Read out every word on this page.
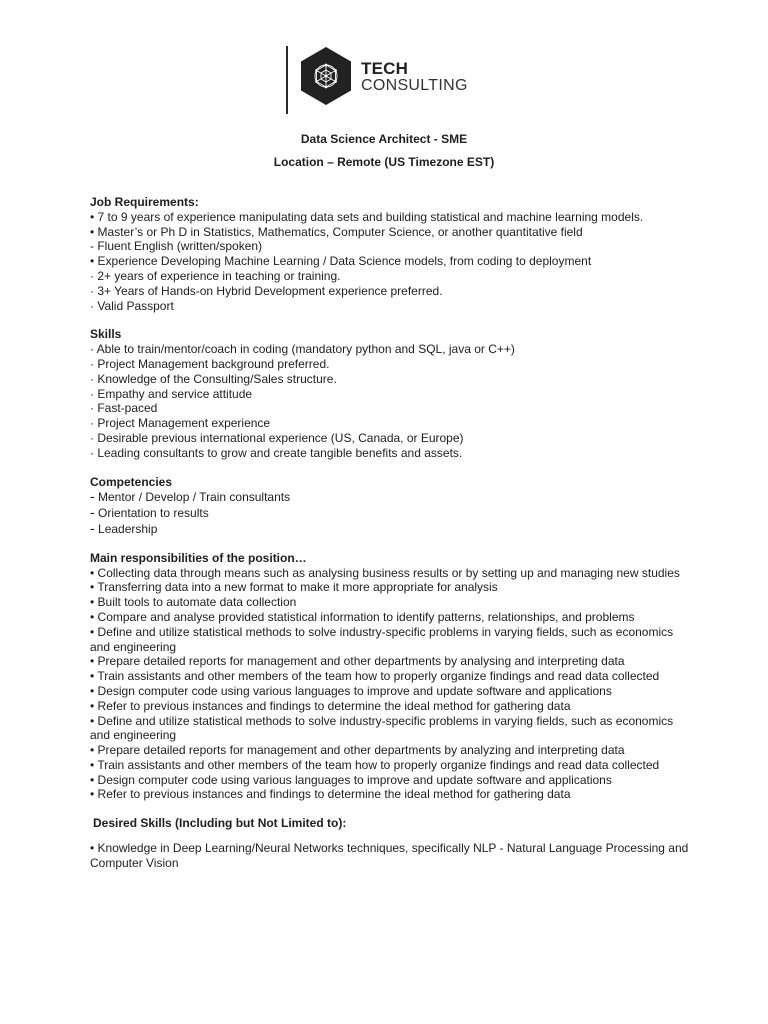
TECH
CONSULTING
Data Science Architect - SME
Location – Remote (US Timezone EST)

Job Requirements:

• 7 to 9 years of experience manipulating data sets and building statistical and machine learning models.

• Master’s or Ph D in Statistics, Mathematics, Computer Science, or another quantitative field

- Fluent English (written/spoken)

• Experience Developing Machine Learning / Data Science models, from coding to deployment

· 2+ years of experience in teaching or training.

· 3+ Years of Hands-on Hybrid Development experience preferred.

· Valid Passport

Skills

· Able to train/mentor/coach in coding (mandatory python and SQL, java or C++)

· Project Management background preferred.

· Knowledge of the Consulting/Sales structure.

· Empathy and service attitude

· Fast-paced

· Project Management experience

· Desirable previous international experience (US, Canada, or Europe)

· Leading consultants to grow and create tangible benefits and assets.

Competencies

- Mentor / Develop / Train consultants

- Orientation to results

- Leadership

Main responsibilities of the position…

• Collecting data through means such as analysing business results or by setting up and managing new studies

• Transferring data into a new format to make it more appropriate for analysis

• Built tools to automate data collection

• Compare and analyse provided statistical information to identify patterns, relationships, and problems

• Define and utilize statistical methods to solve industry-specific problems in varying fields, such as economics and engineering

• Prepare detailed reports for management and other departments by analysing and interpreting data

• Train assistants and other members of the team how to properly organize findings and read data collected

• Design computer code using various languages to improve and update software and applications

• Refer to previous instances and findings to determine the ideal method for gathering data

• Define and utilize statistical methods to solve industry-specific problems in varying fields, such as economics and engineering

• Prepare detailed reports for management and other departments by analyzing and interpreting data

• Train assistants and other members of the team how to properly organize findings and read data collected

• Design computer code using various languages to improve and update software and applications

• Refer to previous instances and findings to determine the ideal method for gathering data

Desired Skills (Including but Not Limited to):

• Knowledge in Deep Learning/Neural Networks techniques, specifically NLP - Natural Language Processing and Computer Vision
